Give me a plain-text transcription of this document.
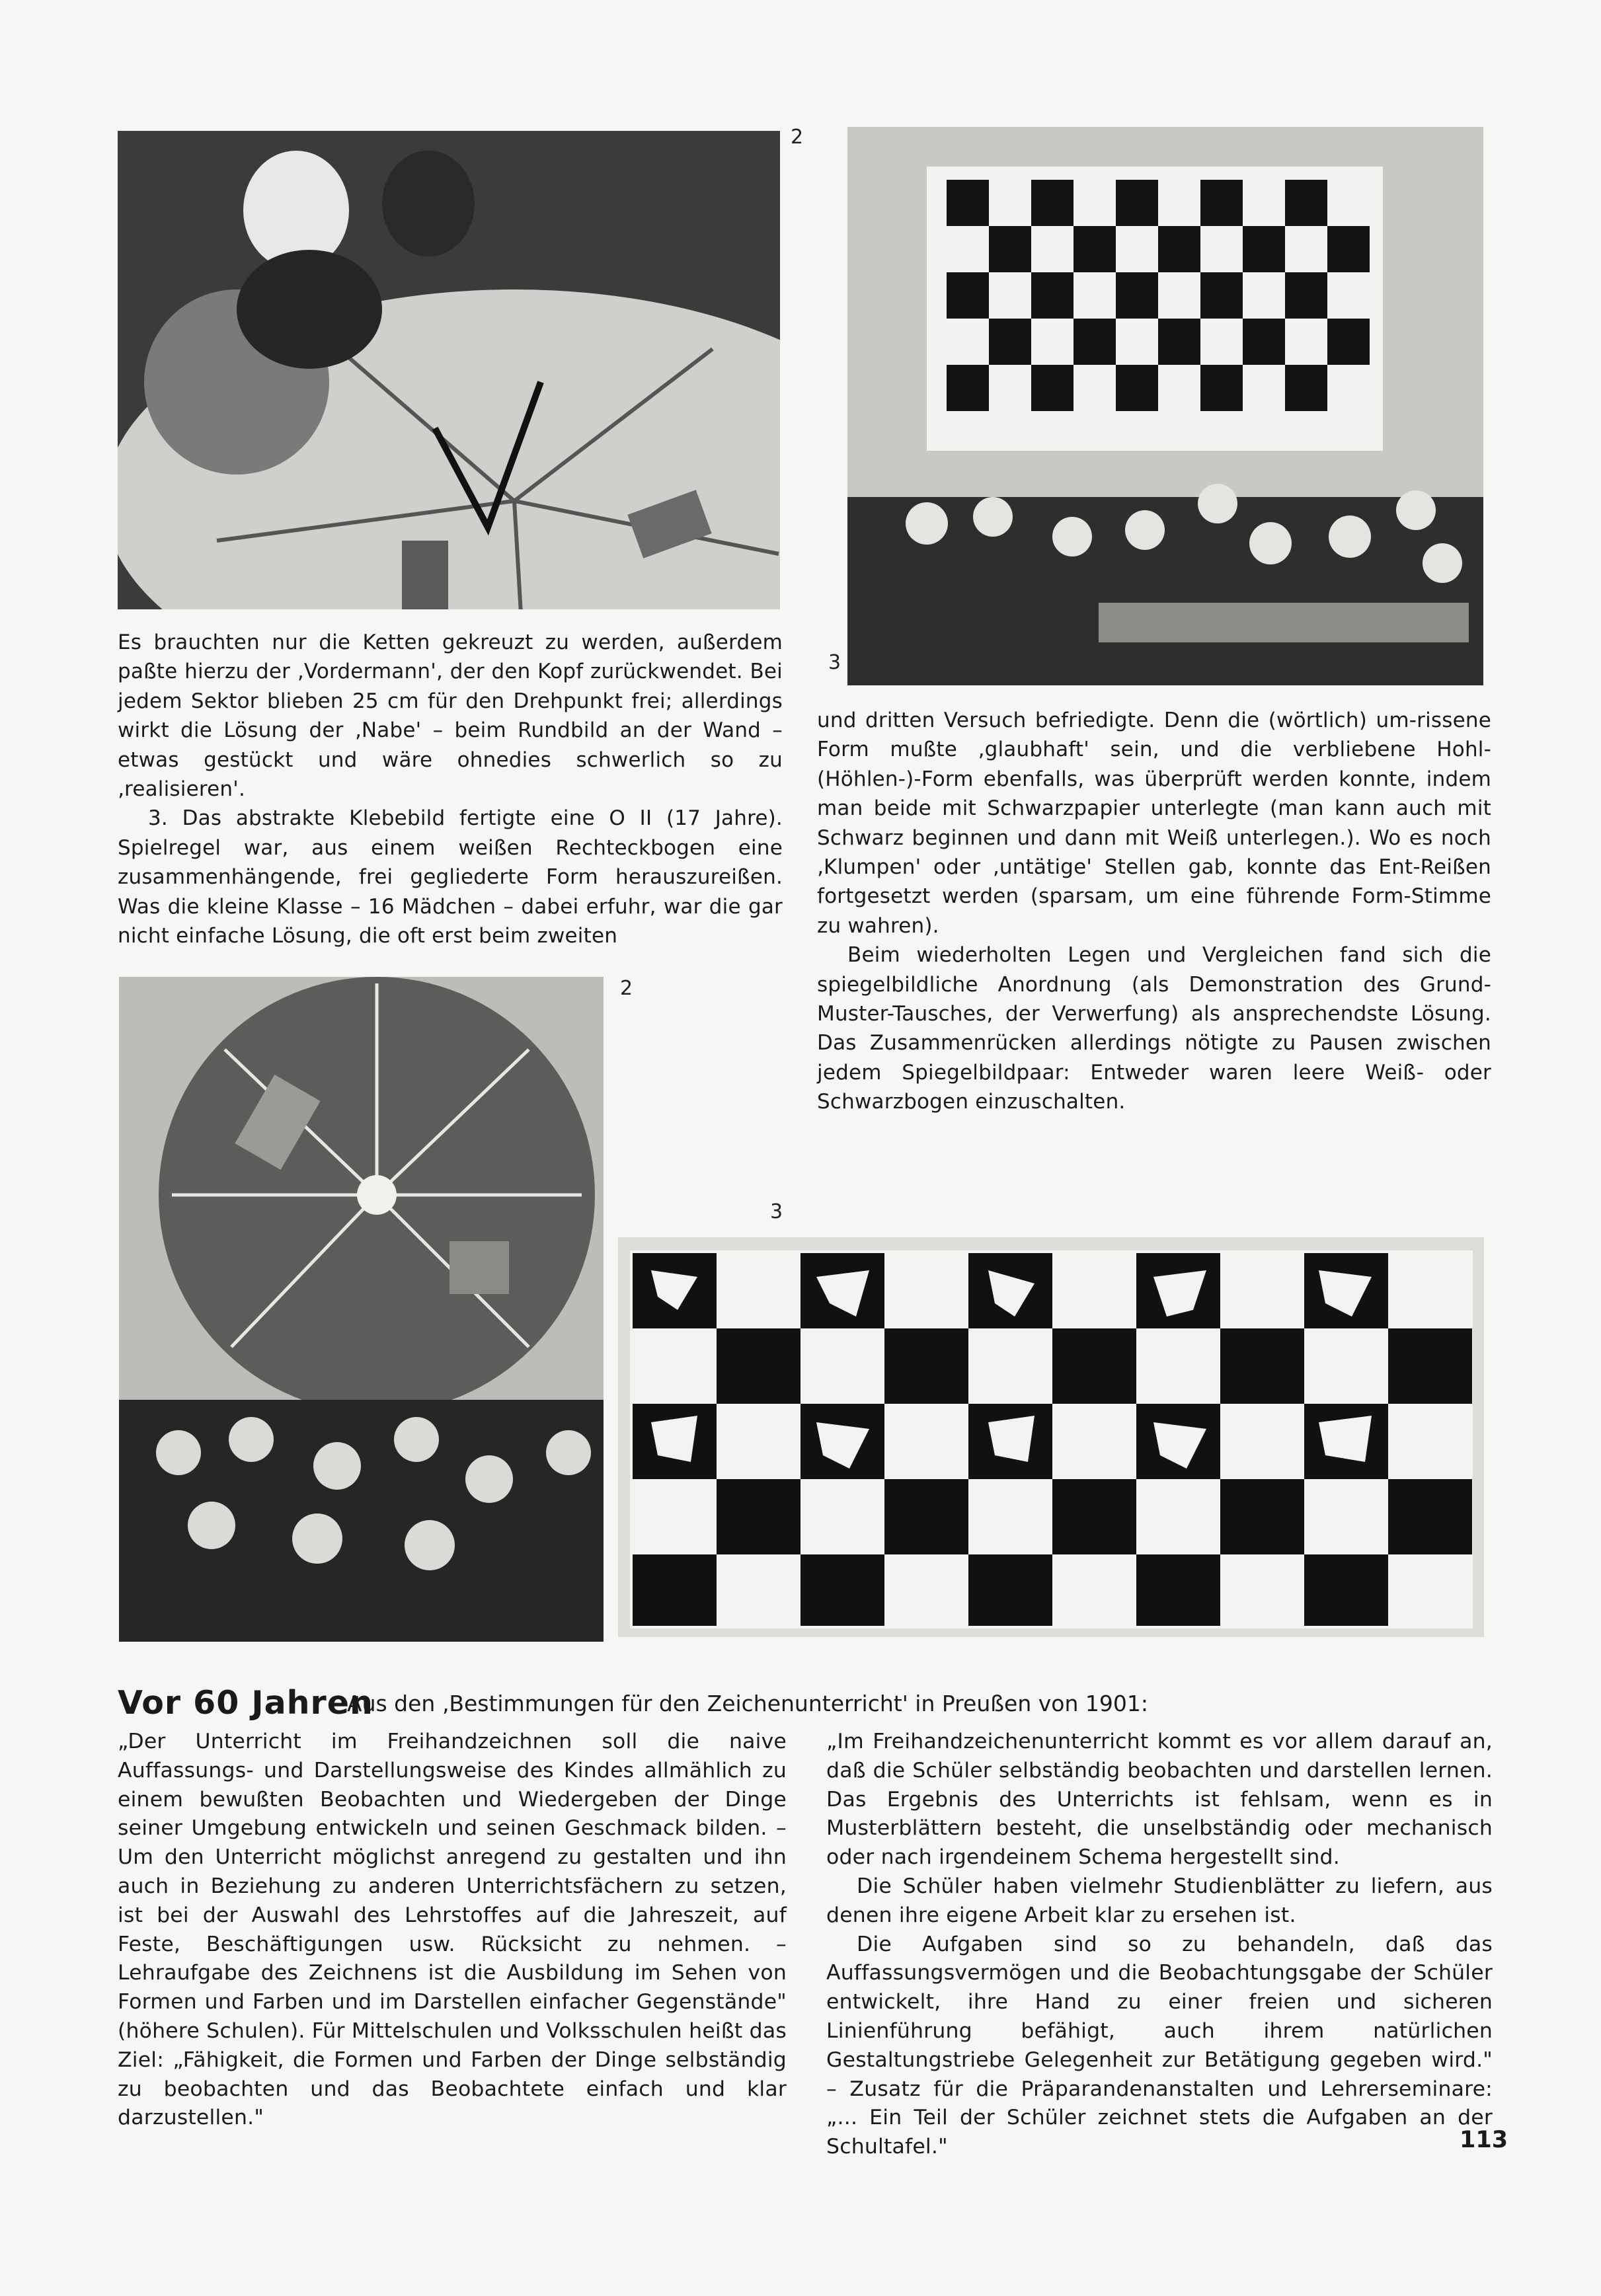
2
3

Es brauchten nur die Ketten gekreuzt zu werden, außerdem paßte hierzu der ‚Vordermann', der den Kopf zurückwendet. Bei jedem Sektor blieben 25 cm für den Drehpunkt frei; allerdings wirkt die Lösung der ‚Nabe' – beim Rundbild an der Wand – etwas gestückt und wäre ohnedies schwerlich so zu ‚realisieren'.

3. Das abstrakte Klebebild fertigte eine O II (17 Jahre). Spielregel war, aus einem weißen Rechteckbogen eine zusammenhängende, frei gegliederte Form herauszureißen. Was die kleine Klasse – 16 Mädchen – dabei erfuhr, war die gar nicht einfache Lösung, die oft erst beim zweiten

und dritten Versuch befriedigte. Denn die (wörtlich) um-rissene Form mußte ‚glaubhaft' sein, und die verbliebene Hohl-(Höhlen-)-Form ebenfalls, was überprüft werden konnte, indem man beide mit Schwarzpapier unterlegte (man kann auch mit Schwarz beginnen und dann mit Weiß unterlegen.). Wo es noch ‚Klumpen' oder ‚untätige' Stellen gab, konnte das Ent-Reißen fortgesetzt werden (sparsam, um eine führende Form-Stimme zu wahren).

Beim wiederholten Legen und Vergleichen fand sich die spiegelbildliche Anordnung (als Demonstration des Grund-Muster-Tausches, der Verwerfung) als ansprechendste Lösung. Das Zusammenrücken allerdings nötigte zu Pausen zwischen jedem Spiegelbildpaar: Entweder waren leere Weiß- oder Schwarzbogen einzuschalten.

2
3
Vor 60 Jahren
Aus den ‚Bestimmungen für den Zeichenunterricht' in Preußen von 1901:

„Der Unterricht im Freihandzeichnen soll die naive Auffassungs- und Darstellungsweise des Kindes allmählich zu einem bewußten Beobachten und Wiedergeben der Dinge seiner Umgebung entwickeln und seinen Geschmack bilden. – Um den Unterricht möglichst anregend zu gestalten und ihn auch in Beziehung zu anderen Unterrichtsfächern zu setzen, ist bei der Auswahl des Lehrstoffes auf die Jahreszeit, auf Feste, Beschäftigungen usw. Rücksicht zu nehmen. – Lehraufgabe des Zeichnens ist die Ausbildung im Sehen von Formen und Farben und im Darstellen einfacher Gegenstände" (höhere Schulen). Für Mittelschulen und Volksschulen heißt das Ziel: „Fähigkeit, die Formen und Farben der Dinge selbständig zu beobachten und das Beobachtete einfach und klar darzustellen."

„Im Freihandzeichenunterricht kommt es vor allem darauf an, daß die Schüler selbständig beobachten und darstellen lernen. Das Ergebnis des Unterrichts ist fehlsam, wenn es in Musterblättern besteht, die unselbständig oder mechanisch oder nach irgendeinem Schema hergestellt sind.

Die Schüler haben vielmehr Studienblätter zu liefern, aus denen ihre eigene Arbeit klar zu ersehen ist.

Die Aufgaben sind so zu behandeln, daß das Auffassungsvermögen und die Beobachtungsgabe der Schüler entwickelt, ihre Hand zu einer freien und sicheren Linienführung befähigt, auch ihrem natürlichen Gestaltungstriebe Gelegenheit zur Betätigung gegeben wird." – Zusatz für die Präparandenanstalten und Lehrerseminare: „... Ein Teil der Schüler zeichnet stets die Aufgaben an der Schultafel."	113
